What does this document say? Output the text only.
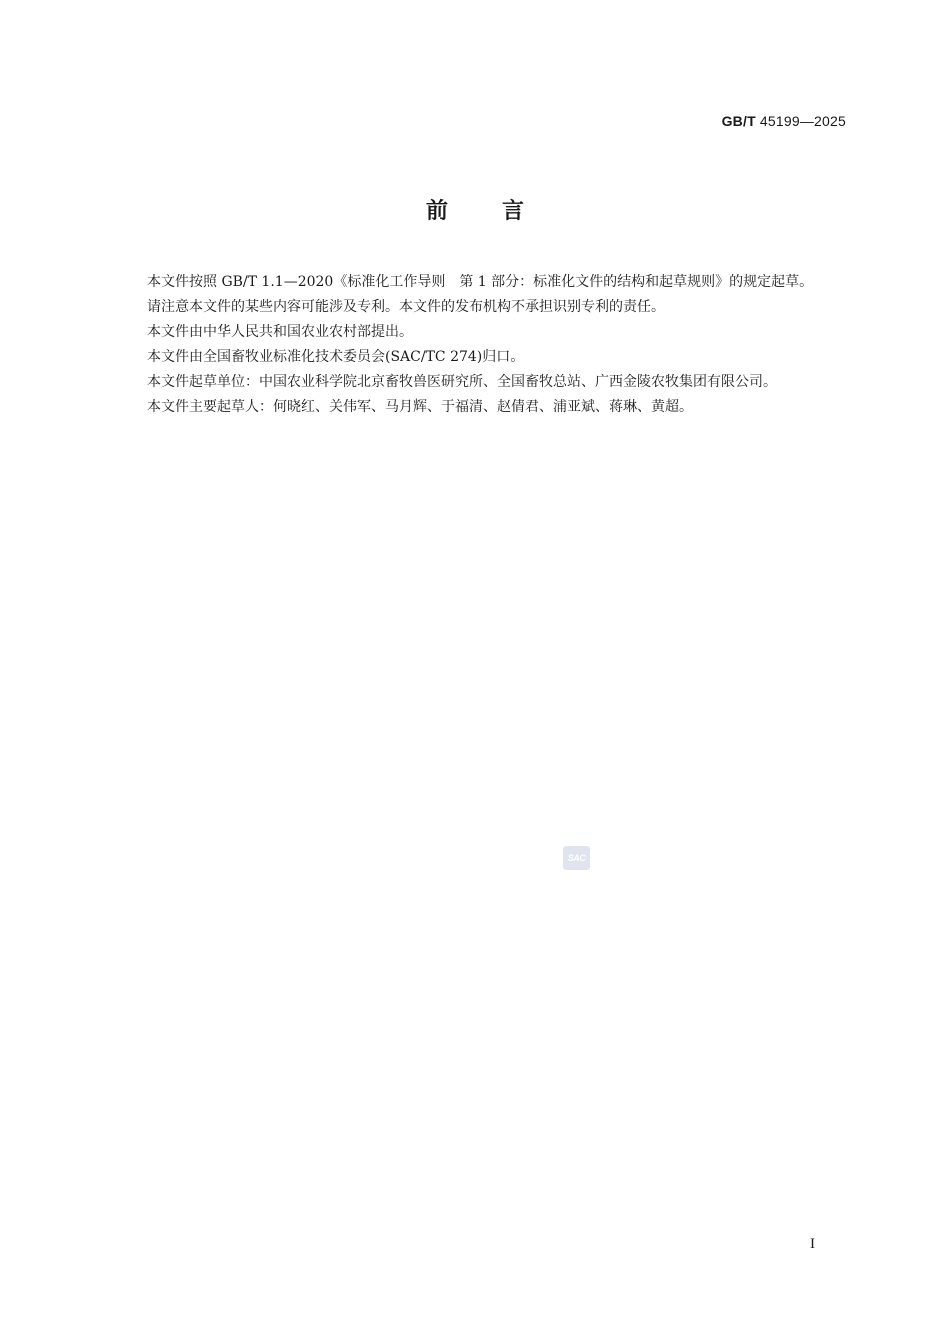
GB/T 45199—2025
前 言

本文件按照 GB/T 1.1—2020《标准化工作导则　第 1 部分：标准化文件的结构和起草规则》的规定起草。

请注意本文件的某些内容可能涉及专利。本文件的发布机构不承担识别专利的责任。

本文件由中华人民共和国农业农村部提出。

本文件由全国畜牧业标准化技术委员会(SAC/TC 274)归口。

本文件起草单位：中国农业科学院北京畜牧兽医研究所、全国畜牧总站、广西金陵农牧集团有限公司。

本文件主要起草人：何晓红、关伟军、马月辉、于福清、赵倩君、浦亚斌、蒋琳、黄超。

SAC
I
